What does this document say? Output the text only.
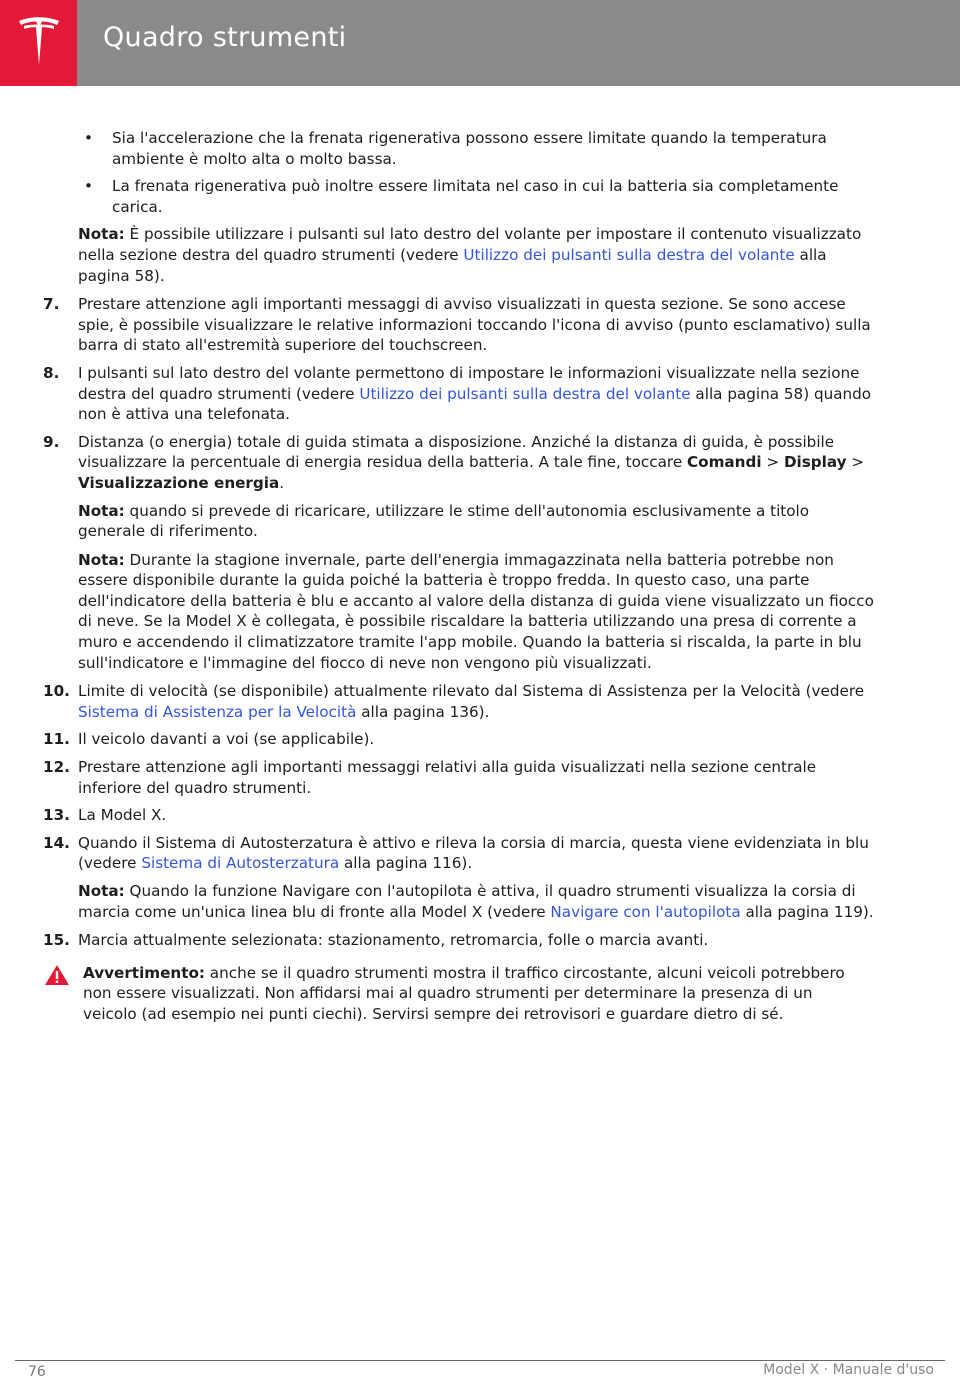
Quadro strumenti
• Sia l'accelerazione che la frenata rigenerativa possono essere limitate quando la temperatura ambiente è molto alta o molto bassa.
• La frenata rigenerativa può inoltre essere limitata nel caso in cui la batteria sia completamente carica.
Nota: È possibile utilizzare i pulsanti sul lato destro del volante per impostare il contenuto visualizzato nella sezione destra del quadro strumenti (vedere Utilizzo dei pulsanti sulla destra del volante alla pagina 58).
7. Prestare attenzione agli importanti messaggi di avviso visualizzati in questa sezione. Se sono accese spie, è possibile visualizzare le relative informazioni toccando l'icona di avviso (punto esclamativo) sulla barra di stato all'estremità superiore del touchscreen.
8. I pulsanti sul lato destro del volante permettono di impostare le informazioni visualizzate nella sezione destra del quadro strumenti (vedere Utilizzo dei pulsanti sulla destra del volante alla pagina 58) quando non è attiva una telefonata.
9. Distanza (o energia) totale di guida stimata a disposizione. Anziché la distanza di guida, è possibile visualizzare la percentuale di energia residua della batteria. A tale fine, toccare Comandi > Display > Visualizzazione energia.
Nota: quando si prevede di ricaricare, utilizzare le stime dell'autonomia esclusivamente a titolo generale di riferimento.
Nota: Durante la stagione invernale, parte dell'energia immagazzinata nella batteria potrebbe non essere disponibile durante la guida poiché la batteria è troppo fredda. In questo caso, una parte dell'indicatore della batteria è blu e accanto al valore della distanza di guida viene visualizzato un fiocco di neve. Se la Model X è collegata, è possibile riscaldare la batteria utilizzando una presa di corrente a muro e accendendo il climatizzatore tramite l'app mobile. Quando la batteria si riscalda, la parte in blu sull'indicatore e l'immagine del fiocco di neve non vengono più visualizzati.
10. Limite di velocità (se disponibile) attualmente rilevato dal Sistema di Assistenza per la Velocità (vedere Sistema di Assistenza per la Velocità alla pagina 136).
11. Il veicolo davanti a voi (se applicabile).
12. Prestare attenzione agli importanti messaggi relativi alla guida visualizzati nella sezione centrale inferiore del quadro strumenti.
13. La Model X.
14. Quando il Sistema di Autosterzatura è attivo e rileva la corsia di marcia, questa viene evidenziata in blu (vedere Sistema di Autosterzatura alla pagina 116).
Nota: Quando la funzione Navigare con l'autopilota è attiva, il quadro strumenti visualizza la corsia di marcia come un'unica linea blu di fronte alla Model X (vedere Navigare con l'autopilota alla pagina 119).
15. Marcia attualmente selezionata: stazionamento, retromarcia, folle o marcia avanti.
Avvertimento: anche se il quadro strumenti mostra il traffico circostante, alcuni veicoli potrebbero non essere visualizzati. Non affidarsi mai al quadro strumenti per determinare la presenza di un veicolo (ad esempio nei punti ciechi). Servirsi sempre dei retrovisori e guardare dietro di sé.
76	Model X · Manuale d'uso
